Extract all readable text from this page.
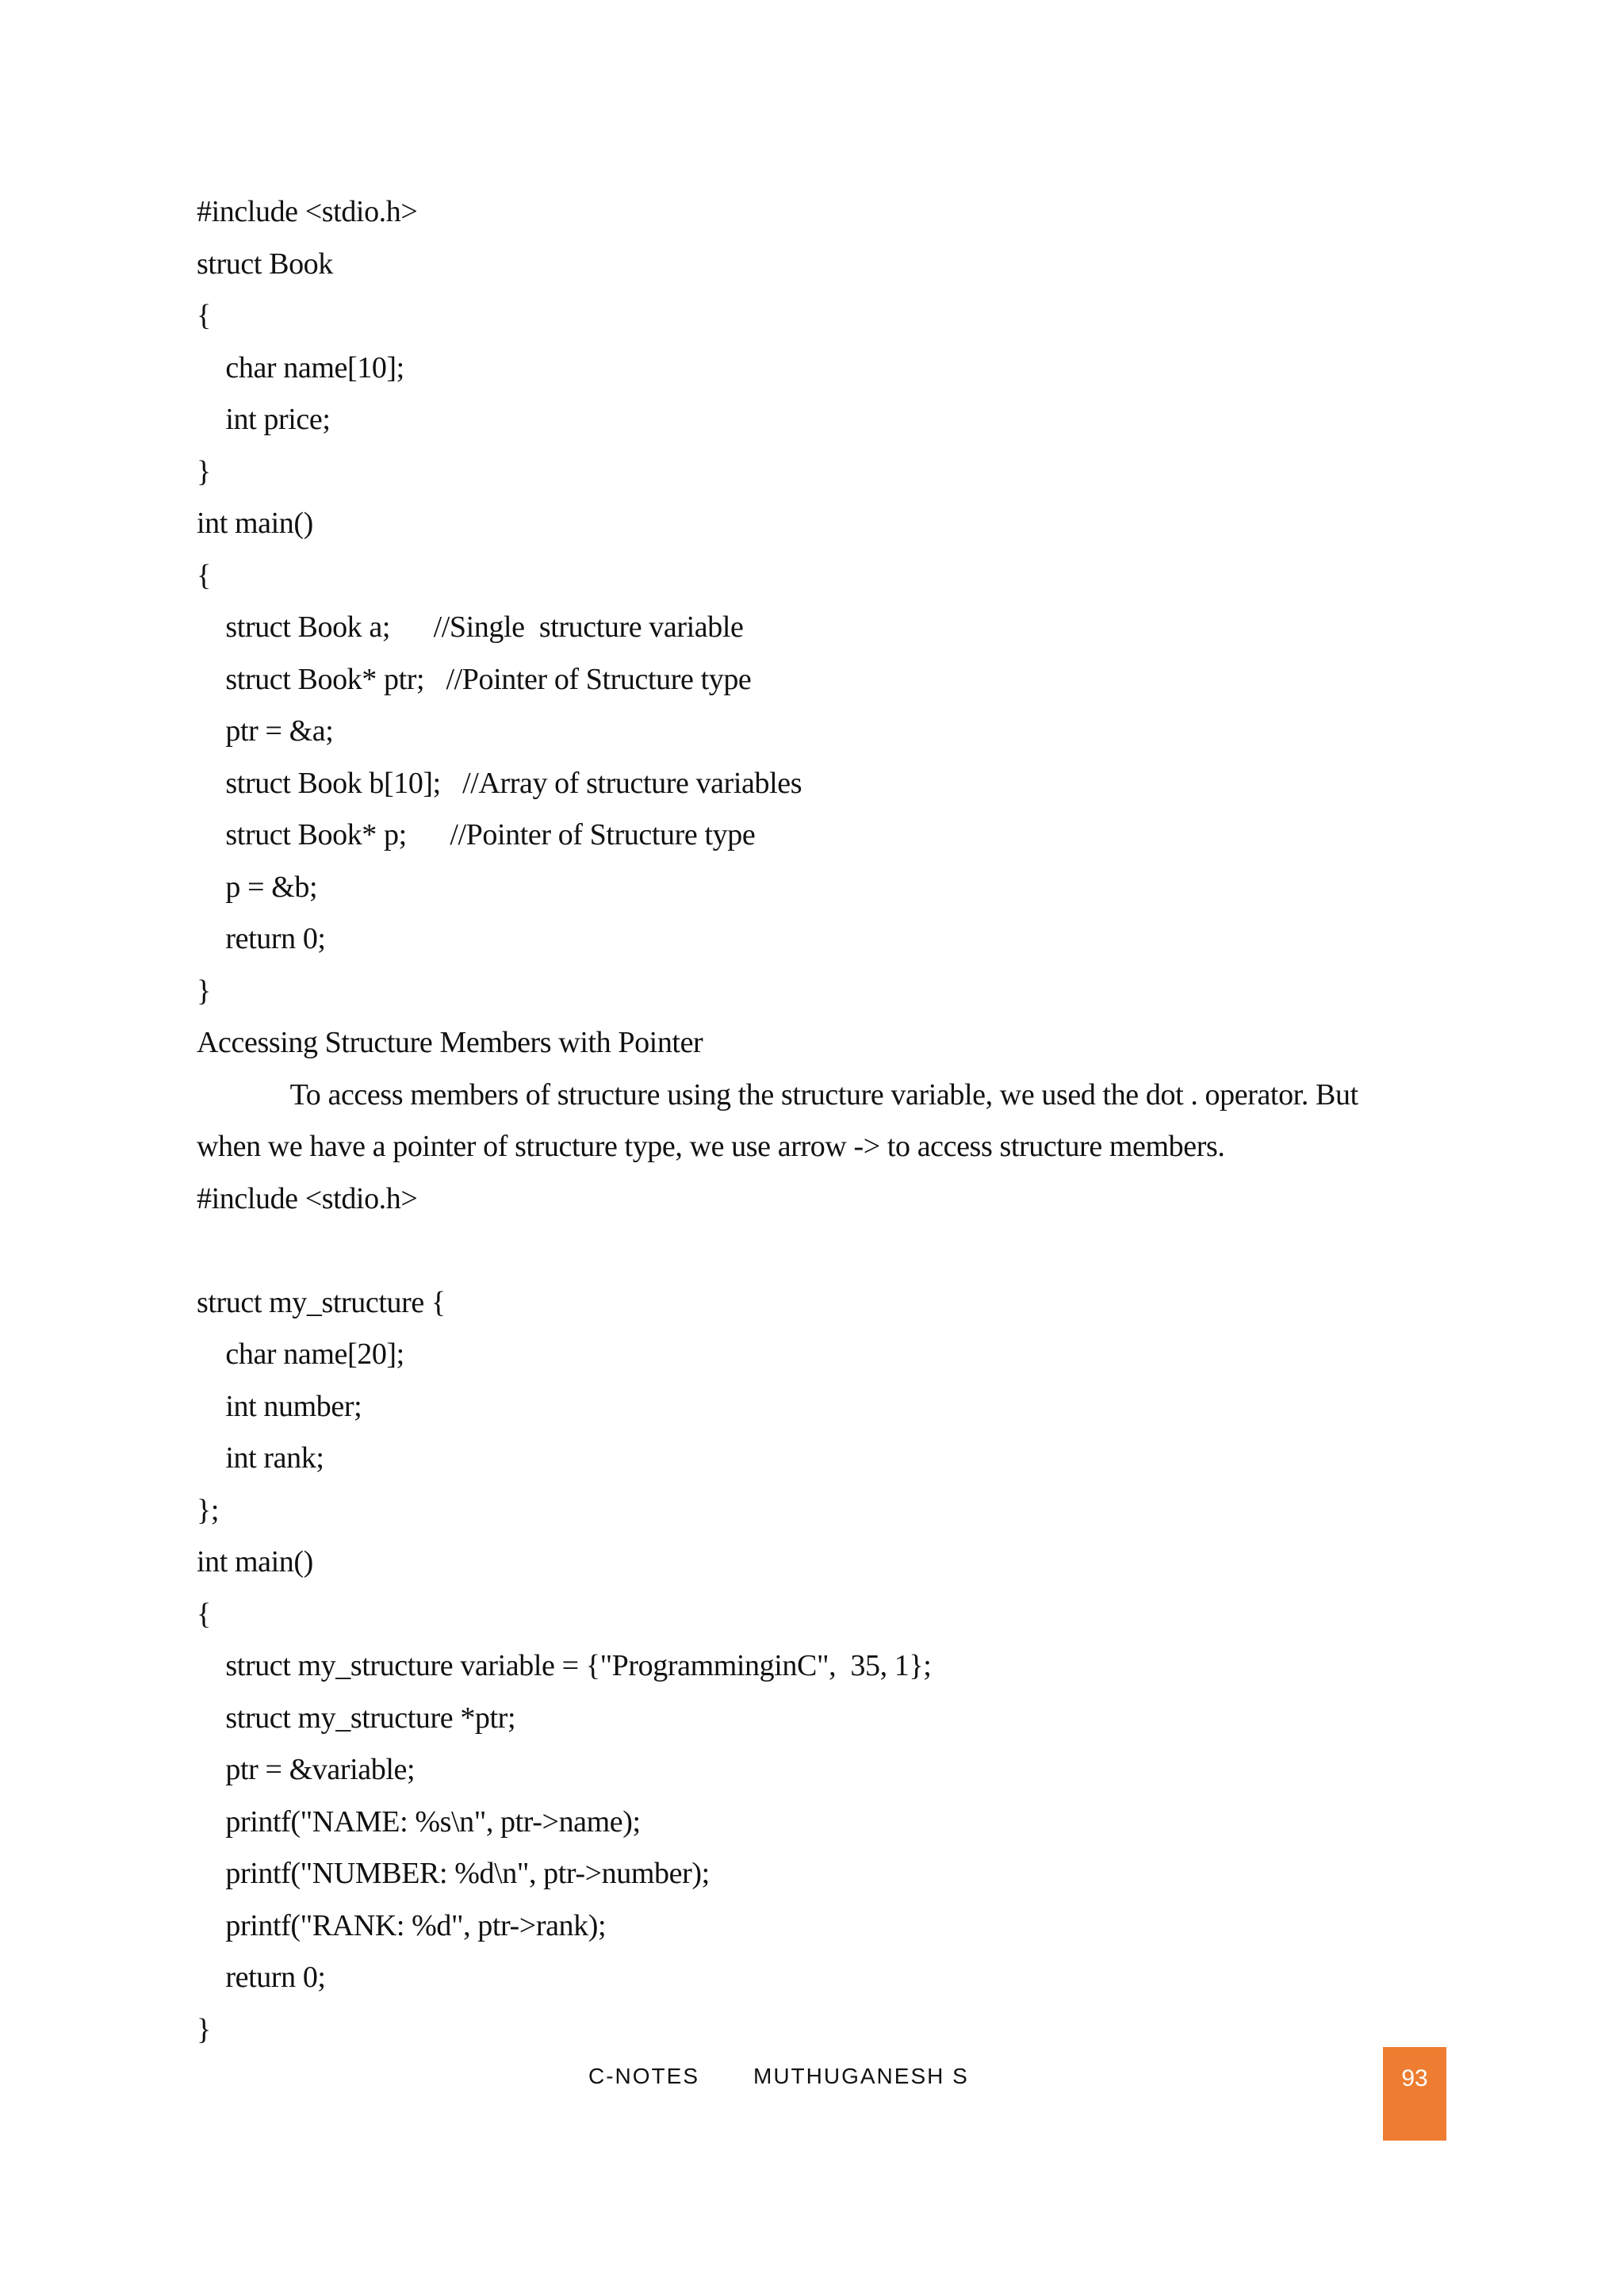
#include <stdio.h>
struct Book
{
char name[10];
int price;
}
int main()
{
struct Book a;      //Single  structure variable
struct Book* ptr;   //Pointer of Structure type
ptr = &a;
struct Book b[10];   //Array of structure variables
struct Book* p;      //Pointer of Structure type
p = &b;
return 0;
}
Accessing Structure Members with Pointer
To access members of structure using the structure variable, we used the dot . operator. But
when we have a pointer of structure type, we use arrow -> to access structure members.
#include <stdio.h>
struct my_structure {
char name[20];
int number;
int rank;
};
int main()
{
struct my_structure variable = {"ProgramminginC",  35, 1};
struct my_structure *ptr;
ptr = &variable;
printf("NAME: %s\n", ptr->name);
printf("NUMBER: %d\n", ptr->number);
printf("RANK: %d", ptr->rank);
return 0;
}
C-NOTES MUTHUGANESH S	93
